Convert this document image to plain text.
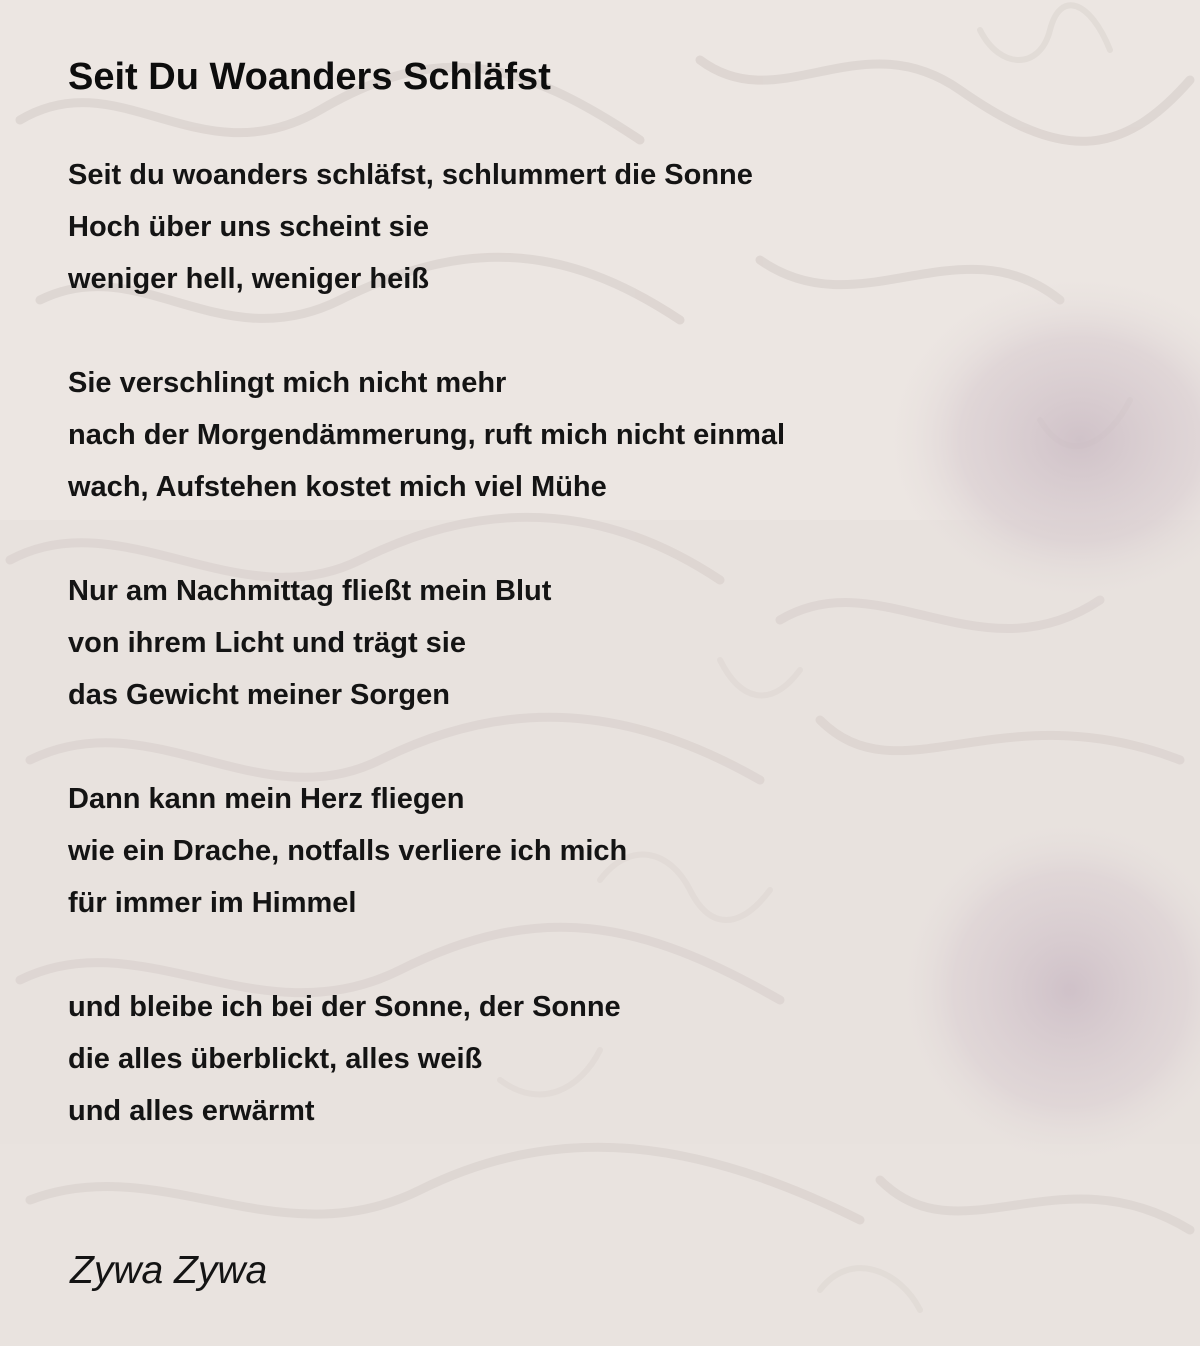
Seit Du Woanders Schläfst
Seit du woanders schläfst, schlummert die Sonne
Hoch über uns scheint sie
weniger hell, weniger heiß
Sie verschlingt mich nicht mehr
nach der Morgendämmerung, ruft mich nicht einmal
wach, Aufstehen kostet mich viel Mühe
Nur am Nachmittag fließt mein Blut
von ihrem Licht und trägt sie
das Gewicht meiner Sorgen
Dann kann mein Herz fliegen
wie ein Drache, notfalls verliere ich mich
für immer im Himmel
und bleibe ich bei der Sonne, der Sonne
die alles überblickt, alles weiß
und alles erwärmt
Zywa Zywa
